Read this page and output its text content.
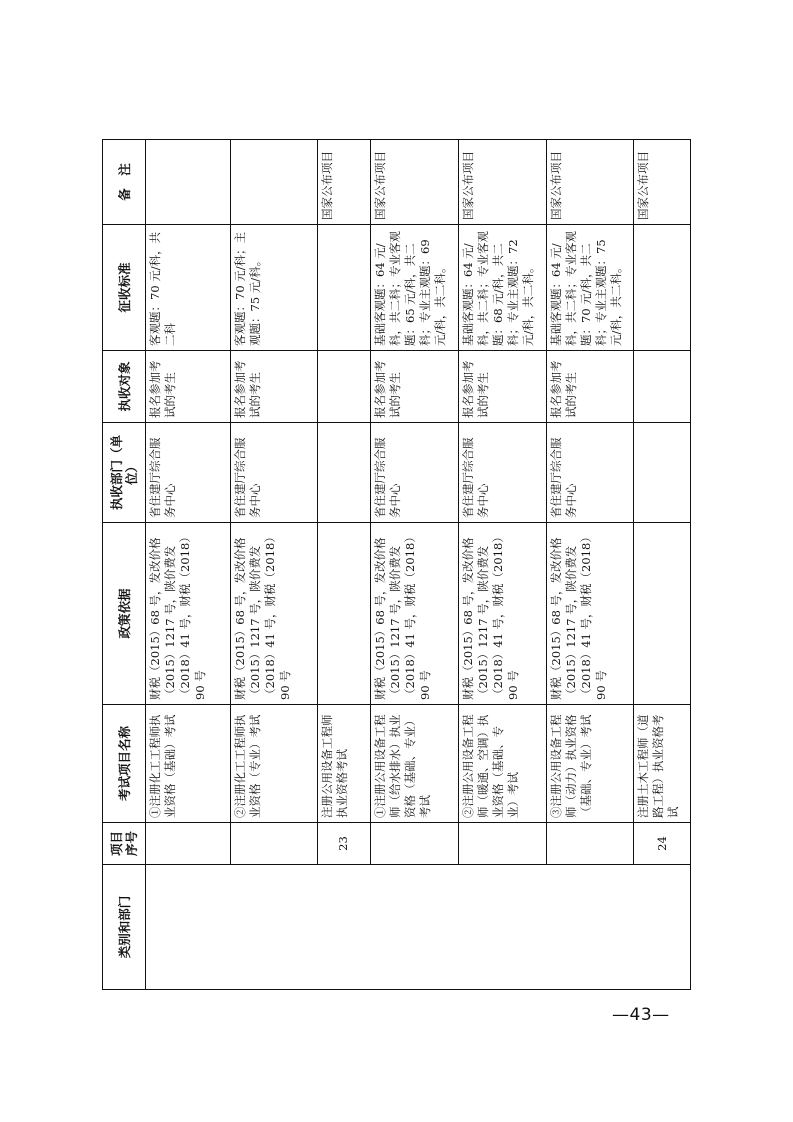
类别和部门	项目序号	考试项目名称	政策依据	执收部门（单位）	执收对象	征收标准	备　注
		①注册化工工程师执业资格（基础）考试	财税（2015）68 号，发改价格（2015）1217 号，陕价费发（2018）41 号，财税（2018）90 号	省住建厅综合服务中心	报名参加考试的考生	客观题：70 元/科，共二科	
		②注册化工工程师执业资格（专业）考试	财税（2015）68 号，发改价格（2015）1217 号，陕价费发（2018）41 号，财税（2018）90 号	省住建厅综合服务中心	报名参加考试的考生	客观题：70 元/科；主观题：75 元/科。	
	23	注册公用设备工程师执业资格考试					国家公布项目
		①注册公用设备工程师（给水排水）执业资格（基础、专业）考试	财税（2015）68 号，发改价格（2015）1217 号，陕价费发（2018）41 号，财税（2018）90 号	省住建厅综合服务中心	报名参加考试的考生	基础客观题：64 元/科，共二科；专业客观题：65 元/科，共二科；专业主观题：69 元/科，共二科。	国家公布项目
		②注册公用设备工程师（暖通、空调）执业资格（基础、专业）考试	财税（2015）68 号，发改价格（2015）1217 号，陕价费发（2018）41 号，财税（2018）90 号	省住建厅综合服务中心	报名参加考试的考生	基础客观题：64 元/科，共二科；专业客观题：68 元/科，共二科；专业主观题：72 元/科，共二科。	国家公布项目
		③注册公用设备工程师（动力）执业资格（基础、专业）考试	财税（2015）68 号，发改价格（2015）1217 号，陕价费发（2018）41 号，财税（2018）90 号	省住建厅综合服务中心	报名参加考试的考生	基础客观题：64 元/科，共二科；专业客观题：70 元/科，共二科；专业主观题：75 元/科，共二科。	国家公布项目
	24	注册土木工程师（道路工程）执业资格考试					国家公布项目
—43—
